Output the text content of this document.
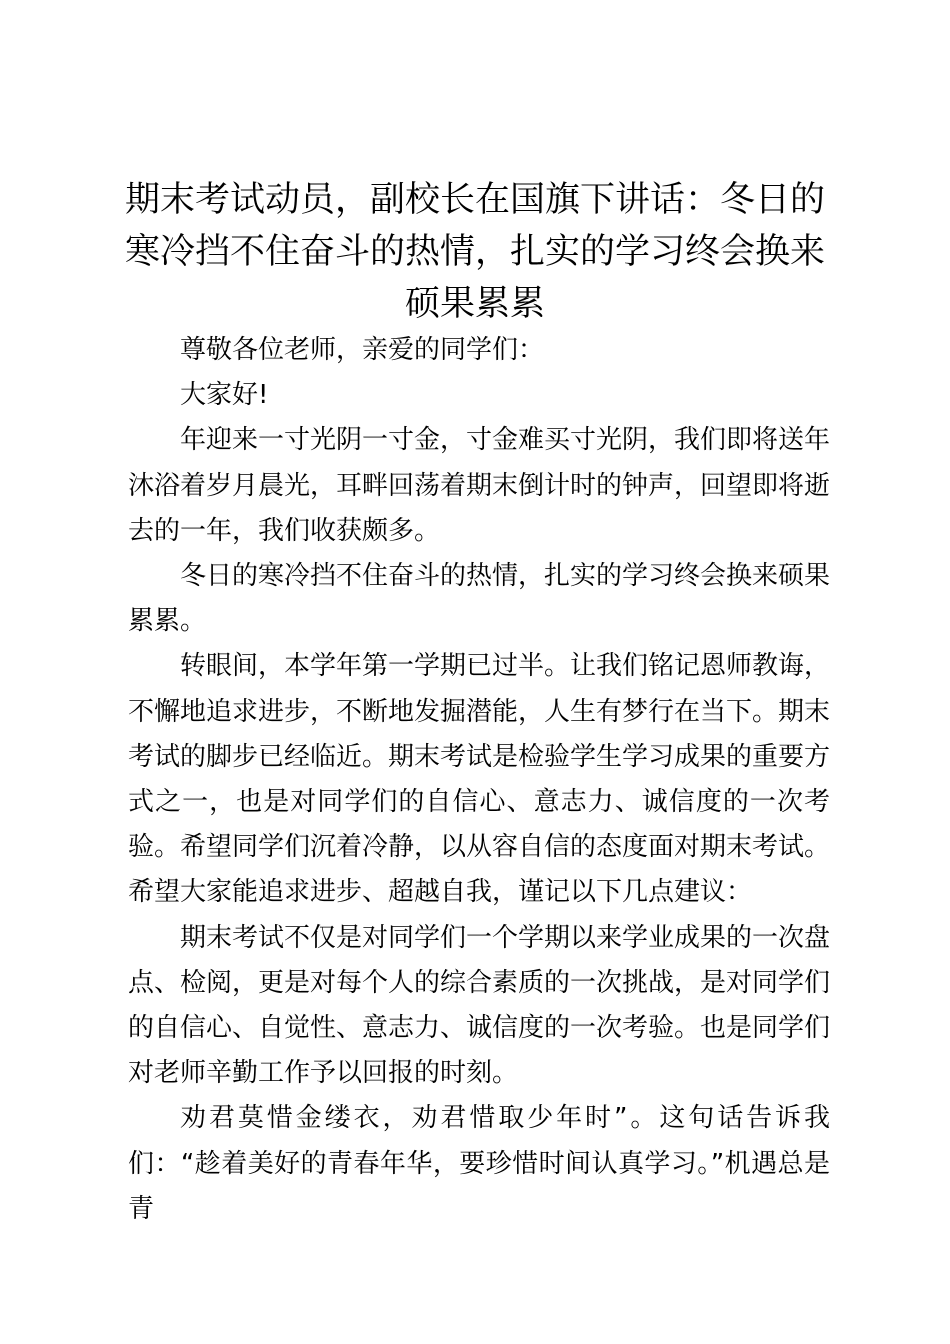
期末考试动员，副校长在国旗下讲话：冬日的寒冷挡不住奋斗的热情，扎实的学习终会换来硕果累累

尊敬各位老师，亲爱的同学们：

大家好!

年迎来一寸光阴一寸金，寸金难买寸光阴，我们即将送年沐浴着岁月晨光，耳畔回荡着期末倒计时的钟声，回望即将逝去的一年，我们收获颇多。

冬日的寒冷挡不住奋斗的热情，扎实的学习终会换来硕果累累。

转眼间，本学年第一学期已过半。让我们铭记恩师教诲，不懈地追求进步，不断地发掘潜能，人生有梦行在当下。期末考试的脚步已经临近。期末考试是检验学生学习成果的重要方式之一，也是对同学们的自信心、意志力、诚信度的一次考验。希望同学们沉着冷静，以从容自信的态度面对期末考试。希望大家能追求进步、超越自我，谨记以下几点建议：

期末考试不仅是对同学们一个学期以来学业成果的一次盘点、检阅，更是对每个人的综合素质的一次挑战，是对同学们的自信心、自觉性、意志力、诚信度的一次考验。也是同学们对老师辛勤工作予以回报的时刻。

劝君莫惜金缕衣，劝君惜取少年时”。这句话告诉我们：“趁着美好的青春年华，要珍惜时间认真学习。”机遇总是青
